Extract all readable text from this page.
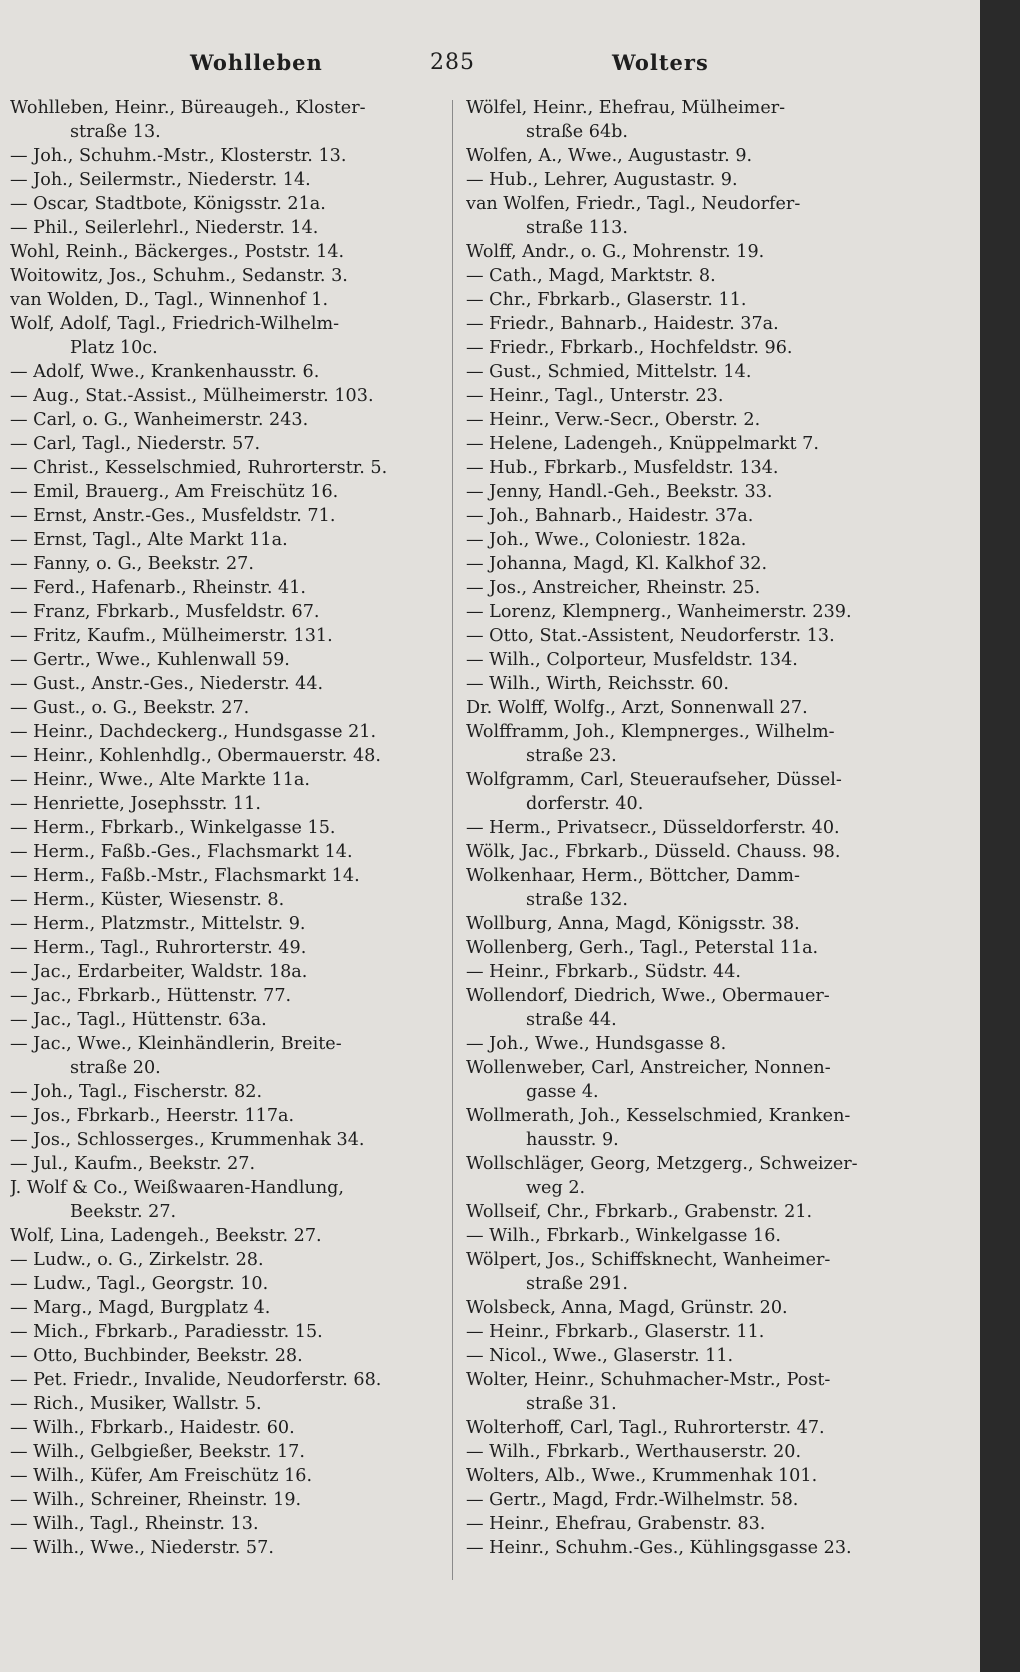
Wohlleben	285	Wolters
Wohlleben, Heinr., Büreaugeh., Kloster-
straße 13.
— Joh., Schuhm.-Mstr., Klosterstr. 13.
— Joh., Seilermstr., Niederstr. 14.
— Oscar, Stadtbote, Königsstr. 21a.
— Phil., Seilerlehrl., Niederstr. 14.
Wohl, Reinh., Bäckerges., Poststr. 14.
Woitowitz, Jos., Schuhm., Sedanstr. 3.
van Wolden, D., Tagl., Winnenhof 1.
Wolf, Adolf, Tagl., Friedrich-Wilhelm-
Platz 10c.
— Adolf, Wwe., Krankenhausstr. 6.
— Aug., Stat.-Assist., Mülheimerstr. 103.
— Carl, o. G., Wanheimerstr. 243.
— Carl, Tagl., Niederstr. 57.
— Christ., Kesselschmied, Ruhrorterstr. 5.
— Emil, Brauerg., Am Freischütz 16.
— Ernst, Anstr.-Ges., Musfeldstr. 71.
— Ernst, Tagl., Alte Markt 11a.
— Fanny, o. G., Beekstr. 27.
— Ferd., Hafenarb., Rheinstr. 41.
— Franz, Fbrkarb., Musfeldstr. 67.
— Fritz, Kaufm., Mülheimerstr. 131.
— Gertr., Wwe., Kuhlenwall 59.
— Gust., Anstr.-Ges., Niederstr. 44.
— Gust., o. G., Beekstr. 27.
— Heinr., Dachdeckerg., Hundsgasse 21.
— Heinr., Kohlenhdlg., Obermauerstr. 48.
— Heinr., Wwe., Alte Markte 11a.
— Henriette, Josephsstr. 11.
— Herm., Fbrkarb., Winkelgasse 15.
— Herm., Faßb.-Ges., Flachsmarkt 14.
— Herm., Faßb.-Mstr., Flachsmarkt 14.
— Herm., Küster, Wiesenstr. 8.
— Herm., Platzmstr., Mittelstr. 9.
— Herm., Tagl., Ruhrorterstr. 49.
— Jac., Erdarbeiter, Waldstr. 18a.
— Jac., Fbrkarb., Hüttenstr. 77.
— Jac., Tagl., Hüttenstr. 63a.
— Jac., Wwe., Kleinhändlerin, Breite-
straße 20.
— Joh., Tagl., Fischerstr. 82.
— Jos., Fbrkarb., Heerstr. 117a.
— Jos., Schlosserges., Krummenhak 34.
— Jul., Kaufm., Beekstr. 27.
J. Wolf & Co., Weißwaaren-Handlung,
Beekstr. 27.
Wolf, Lina, Ladengeh., Beekstr. 27.
— Ludw., o. G., Zirkelstr. 28.
— Ludw., Tagl., Georgstr. 10.
— Marg., Magd, Burgplatz 4.
— Mich., Fbrkarb., Paradiesstr. 15.
— Otto, Buchbinder, Beekstr. 28.
— Pet. Friedr., Invalide, Neudorferstr. 68.
— Rich., Musiker, Wallstr. 5.
— Wilh., Fbrkarb., Haidestr. 60.
— Wilh., Gelbgießer, Beekstr. 17.
— Wilh., Küfer, Am Freischütz 16.
— Wilh., Schreiner, Rheinstr. 19.
— Wilh., Tagl., Rheinstr. 13.
— Wilh., Wwe., Niederstr. 57.
Wölfel, Heinr., Ehefrau, Mülheimer-
straße 64b.
Wolfen, A., Wwe., Augustastr. 9.
— Hub., Lehrer, Augustastr. 9.
van Wolfen, Friedr., Tagl., Neudorfer-
straße 113.
Wolff, Andr., o. G., Mohrenstr. 19.
— Cath., Magd, Marktstr. 8.
— Chr., Fbrkarb., Glaserstr. 11.
— Friedr., Bahnarb., Haidestr. 37a.
— Friedr., Fbrkarb., Hochfeldstr. 96.
— Gust., Schmied, Mittelstr. 14.
— Heinr., Tagl., Unterstr. 23.
— Heinr., Verw.-Secr., Oberstr. 2.
— Helene, Ladengeh., Knüppelmarkt 7.
— Hub., Fbrkarb., Musfeldstr. 134.
— Jenny, Handl.-Geh., Beekstr. 33.
— Joh., Bahnarb., Haidestr. 37a.
— Joh., Wwe., Coloniestr. 182a.
— Johanna, Magd, Kl. Kalkhof 32.
— Jos., Anstreicher, Rheinstr. 25.
— Lorenz, Klempnerg., Wanheimerstr. 239.
— Otto, Stat.-Assistent, Neudorferstr. 13.
— Wilh., Colporteur, Musfeldstr. 134.
— Wilh., Wirth, Reichsstr. 60.
Dr. Wolff, Wolfg., Arzt, Sonnenwall 27.
Wolfframm, Joh., Klempnerges., Wilhelm-
straße 23.
Wolfgramm, Carl, Steueraufseher, Düssel-
dorferstr. 40.
— Herm., Privatsecr., Düsseldorferstr. 40.
Wölk, Jac., Fbrkarb., Düsseld. Chauss. 98.
Wolkenhaar, Herm., Böttcher, Damm-
straße 132.
Wollburg, Anna, Magd, Königsstr. 38.
Wollenberg, Gerh., Tagl., Peterstal 11a.
— Heinr., Fbrkarb., Südstr. 44.
Wollendorf, Diedrich, Wwe., Obermauer-
straße 44.
— Joh., Wwe., Hundsgasse 8.
Wollenweber, Carl, Anstreicher, Nonnen-
gasse 4.
Wollmerath, Joh., Kesselschmied, Kranken-
hausstr. 9.
Wollschläger, Georg, Metzgerg., Schweizer-
weg 2.
Wollseif, Chr., Fbrkarb., Grabenstr. 21.
— Wilh., Fbrkarb., Winkelgasse 16.
Wölpert, Jos., Schiffsknecht, Wanheimer-
straße 291.
Wolsbeck, Anna, Magd, Grünstr. 20.
— Heinr., Fbrkarb., Glaserstr. 11.
— Nicol., Wwe., Glaserstr. 11.
Wolter, Heinr., Schuhmacher-Mstr., Post-
straße 31.
Wolterhoff, Carl, Tagl., Ruhrorterstr. 47.
— Wilh., Fbrkarb., Werthauserstr. 20.
Wolters, Alb., Wwe., Krummenhak 101.
— Gertr., Magd, Frdr.-Wilhelmstr. 58.
— Heinr., Ehefrau, Grabenstr. 83.
— Heinr., Schuhm.-Ges., Kühlingsgasse 23.
